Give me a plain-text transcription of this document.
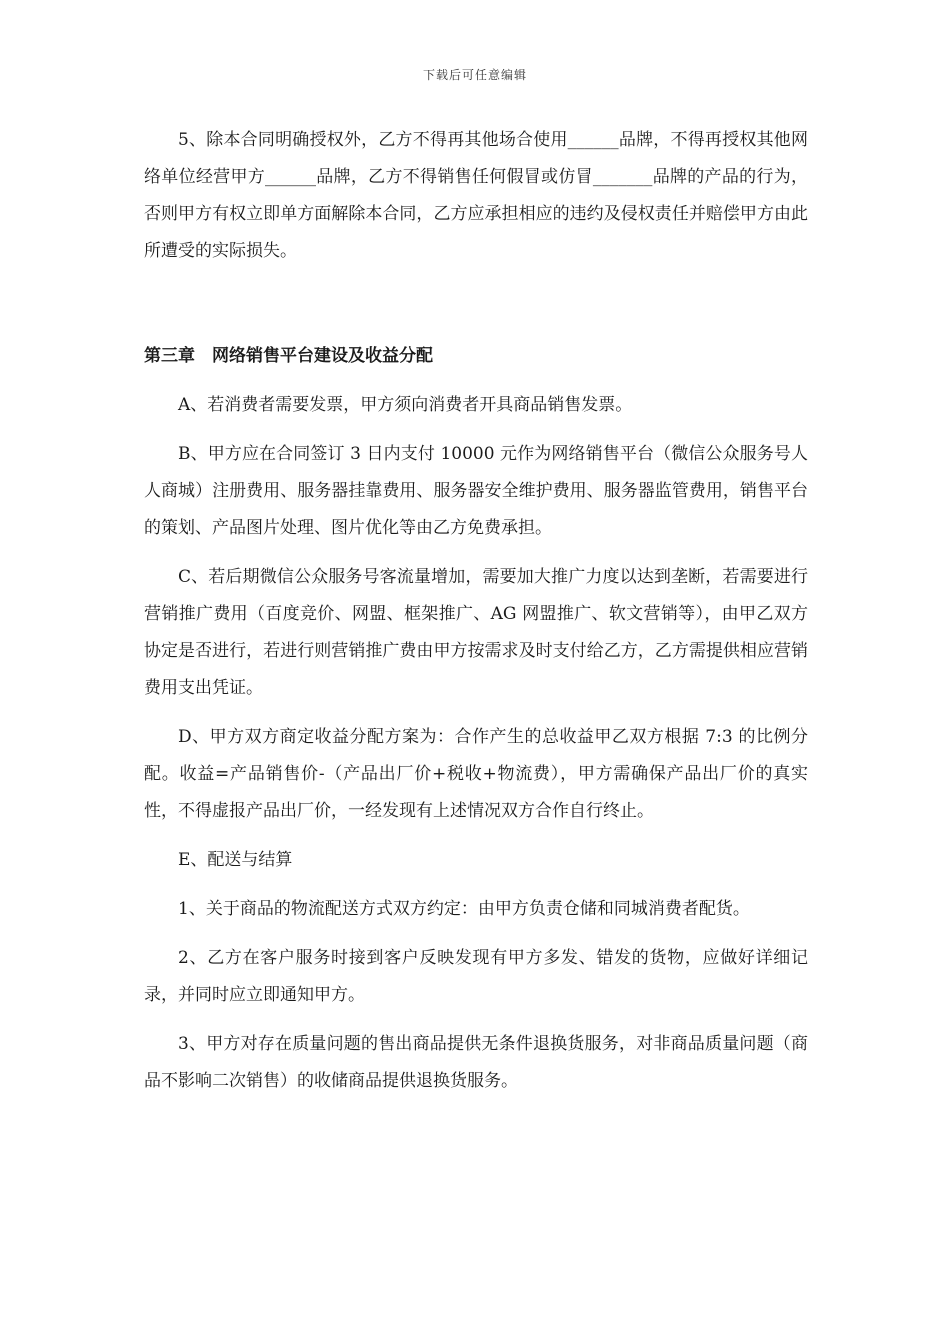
下载后可任意编辑

5、除本合同明确授权外，乙方不得再其他场合使用______品牌，不得再授权其他网络单位经营甲方______品牌，乙方不得销售任何假冒或仿冒_______品牌的产品的行为，否则甲方有权立即单方面解除本合同，乙方应承担相应的违约及侵权责任并赔偿甲方由此所遭受的实际损失。

第三章　网络销售平台建设及收益分配

A、若消费者需要发票，甲方须向消费者开具商品销售发票。

B、甲方应在合同签订 3 日内支付 10000 元作为网络销售平台（微信公众服务号人人商城）注册费用、服务器挂靠费用、服务器安全维护费用、服务器监管费用，销售平台的策划、产品图片处理、图片优化等由乙方免费承担。

C、若后期微信公众服务号客流量增加，需要加大推广力度以达到垄断，若需要进行营销推广费用（百度竞价、网盟、框架推广、AG 网盟推广、软文营销等），由甲乙双方协定是否进行，若进行则营销推广费由甲方按需求及时支付给乙方，乙方需提供相应营销费用支出凭证。

D、甲方双方商定收益分配方案为：合作产生的总收益甲乙双方根据 7:3 的比例分配。收益=产品销售价-（产品出厂价+税收+物流费），甲方需确保产品出厂价的真实性，不得虚报产品出厂价，一经发现有上述情况双方合作自行终止。

E、配送与结算

1、关于商品的物流配送方式双方约定：由甲方负责仓储和同城消费者配货。

2、乙方在客户服务时接到客户反映发现有甲方多发、错发的货物，应做好详细记录，并同时应立即通知甲方。

3、甲方对存在质量问题的售出商品提供无条件退换货服务，对非商品质量问题（商品不影响二次销售）的收储商品提供退换货服务。
